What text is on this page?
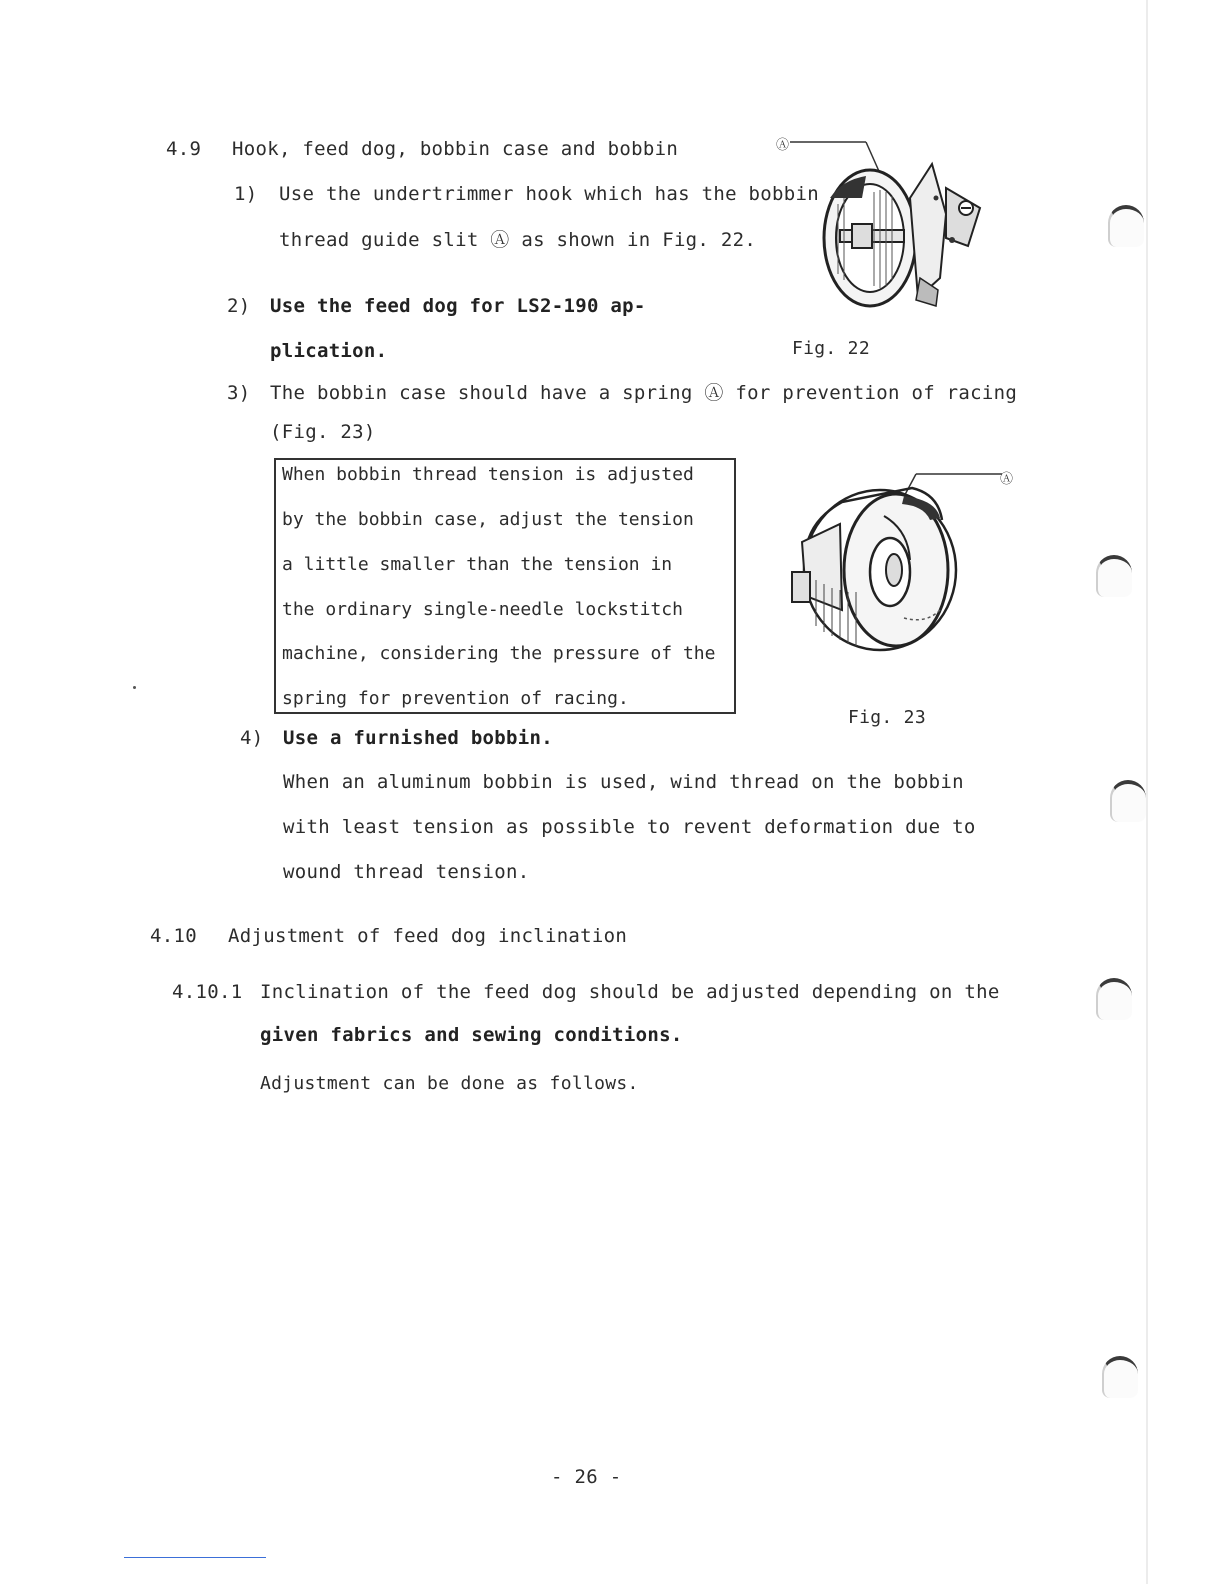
4.9 Hook, feed dog, bobbin case and bobbin
1) Use the undertrimmer hook which has the bobbin
thread guide slit Ⓐ as shown in Fig. 22.
2) Use the feed dog for LS2-190 ap-
plication.
Ⓐ
Fig. 22
3) The bobbin case should have a spring Ⓐ for prevention of racing
(Fig. 23)
When bobbin thread tension is adjusted
by the bobbin case, adjust the tension
a little smaller than the tension in
the ordinary single-needle lockstitch
machine, considering the pressure of the
spring for prevention of racing.
Ⓐ
Fig. 23
4) Use a furnished bobbin.
When an aluminum bobbin is used, wind thread on the bobbin
with least tension as possible to revent deformation due to
wound thread tension.
4.10 Adjustment of feed dog inclination
4.10.1 Inclination of the feed dog should be adjusted depending on the
given fabrics and sewing conditions.
Adjustment can be done as follows.
- 26 -
